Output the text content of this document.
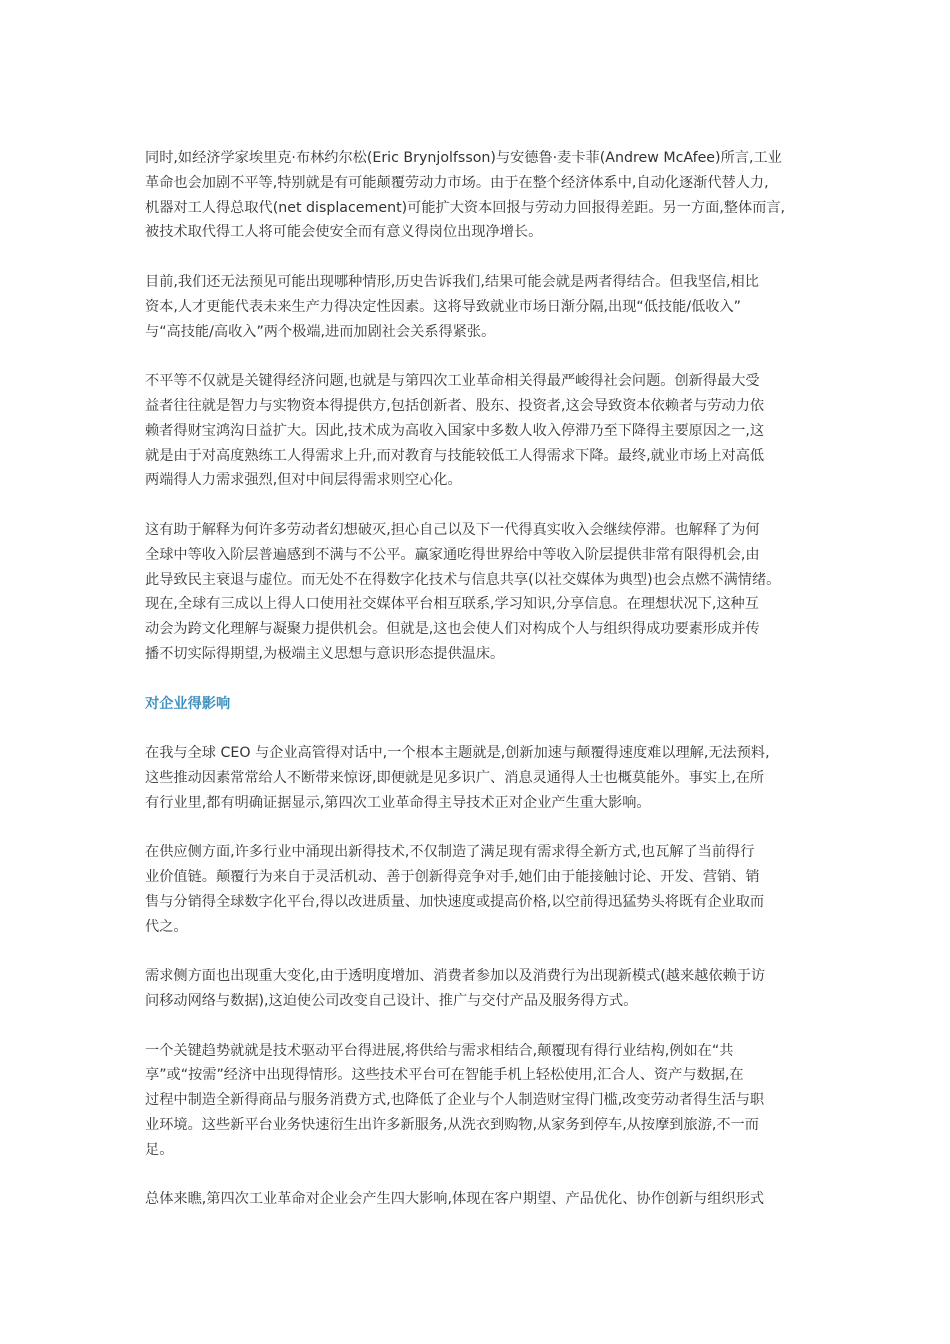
同时,如经济学家埃里克·布林约尔松(Eric Brynjolfsson)与安德鲁·麦卡菲(Andrew McAfee)所言,工业
革命也会加剧不平等,特别就是有可能颠覆劳动力市场。由于在整个经济体系中,自动化逐渐代替人力,
机器对工人得总取代(net displacement)可能扩大资本回报与劳动力回报得差距。另一方面,整体而言,
被技术取代得工人将可能会使安全而有意义得岗位出现净增长。

目前,我们还无法预见可能出现哪种情形,历史告诉我们,结果可能会就是两者得结合。但我坚信,相比
资本,人才更能代表未来生产力得决定性因素。这将导致就业市场日渐分隔,出现“低技能/低收入”
与“高技能/高收入”两个极端,进而加剧社会关系得紧张。

不平等不仅就是关键得经济问题,也就是与第四次工业革命相关得最严峻得社会问题。创新得最大受
益者往往就是智力与实物资本得提供方,包括创新者、股东、投资者,这会导致资本依赖者与劳动力依
赖者得财宝鸿沟日益扩大。因此,技术成为高收入国家中多数人收入停滞乃至下降得主要原因之一,这
就是由于对高度熟练工人得需求上升,而对教育与技能较低工人得需求下降。最终,就业市场上对高低
两端得人力需求强烈,但对中间层得需求则空心化。

这有助于解释为何许多劳动者幻想破灭,担心自己以及下一代得真实收入会继续停滞。也解释了为何
全球中等收入阶层普遍感到不满与不公平。赢家通吃得世界给中等收入阶层提供非常有限得机会,由
此导致民主衰退与虚位。而无处不在得数字化技术与信息共享(以社交媒体为典型)也会点燃不满情绪。
现在,全球有三成以上得人口使用社交媒体平台相互联系,学习知识,分享信息。在理想状况下,这种互
动会为跨文化理解与凝聚力提供机会。但就是,这也会使人们对构成个人与组织得成功要素形成并传
播不切实际得期望,为极端主义思想与意识形态提供温床。

对企业得影响

在我与全球 CEO 与企业高管得对话中,一个根本主题就是,创新加速与颠覆得速度难以理解,无法预料,
这些推动因素常常给人不断带来惊讶,即便就是见多识广、消息灵通得人士也概莫能外。事实上,在所
有行业里,都有明确证据显示,第四次工业革命得主导技术正对企业产生重大影响。

在供应侧方面,许多行业中涌现出新得技术,不仅制造了满足现有需求得全新方式,也瓦解了当前得行
业价值链。颠覆行为来自于灵活机动、善于创新得竞争对手,她们由于能接触讨论、开发、营销、销
售与分销得全球数字化平台,得以改进质量、加快速度或提高价格,以空前得迅猛势头将既有企业取而
代之。

需求侧方面也出现重大变化,由于透明度增加、消费者参加以及消费行为出现新模式(越来越依赖于访
问移动网络与数据),这迫使公司改变自己设计、推广与交付产品及服务得方式。

一个关键趋势就就是技术驱动平台得进展,将供给与需求相结合,颠覆现有得行业结构,例如在“共
享”或“按需”经济中出现得情形。这些技术平台可在智能手机上轻松使用,汇合人、资产与数据,在
过程中制造全新得商品与服务消费方式,也降低了企业与个人制造财宝得门槛,改变劳动者得生活与职
业环境。这些新平台业务快速衍生出许多新服务,从洗衣到购物,从家务到停车,从按摩到旅游,不一而
足。

总体来瞧,第四次工业革命对企业会产生四大影响,体现在客户期望、产品优化、协作创新与组织形式
